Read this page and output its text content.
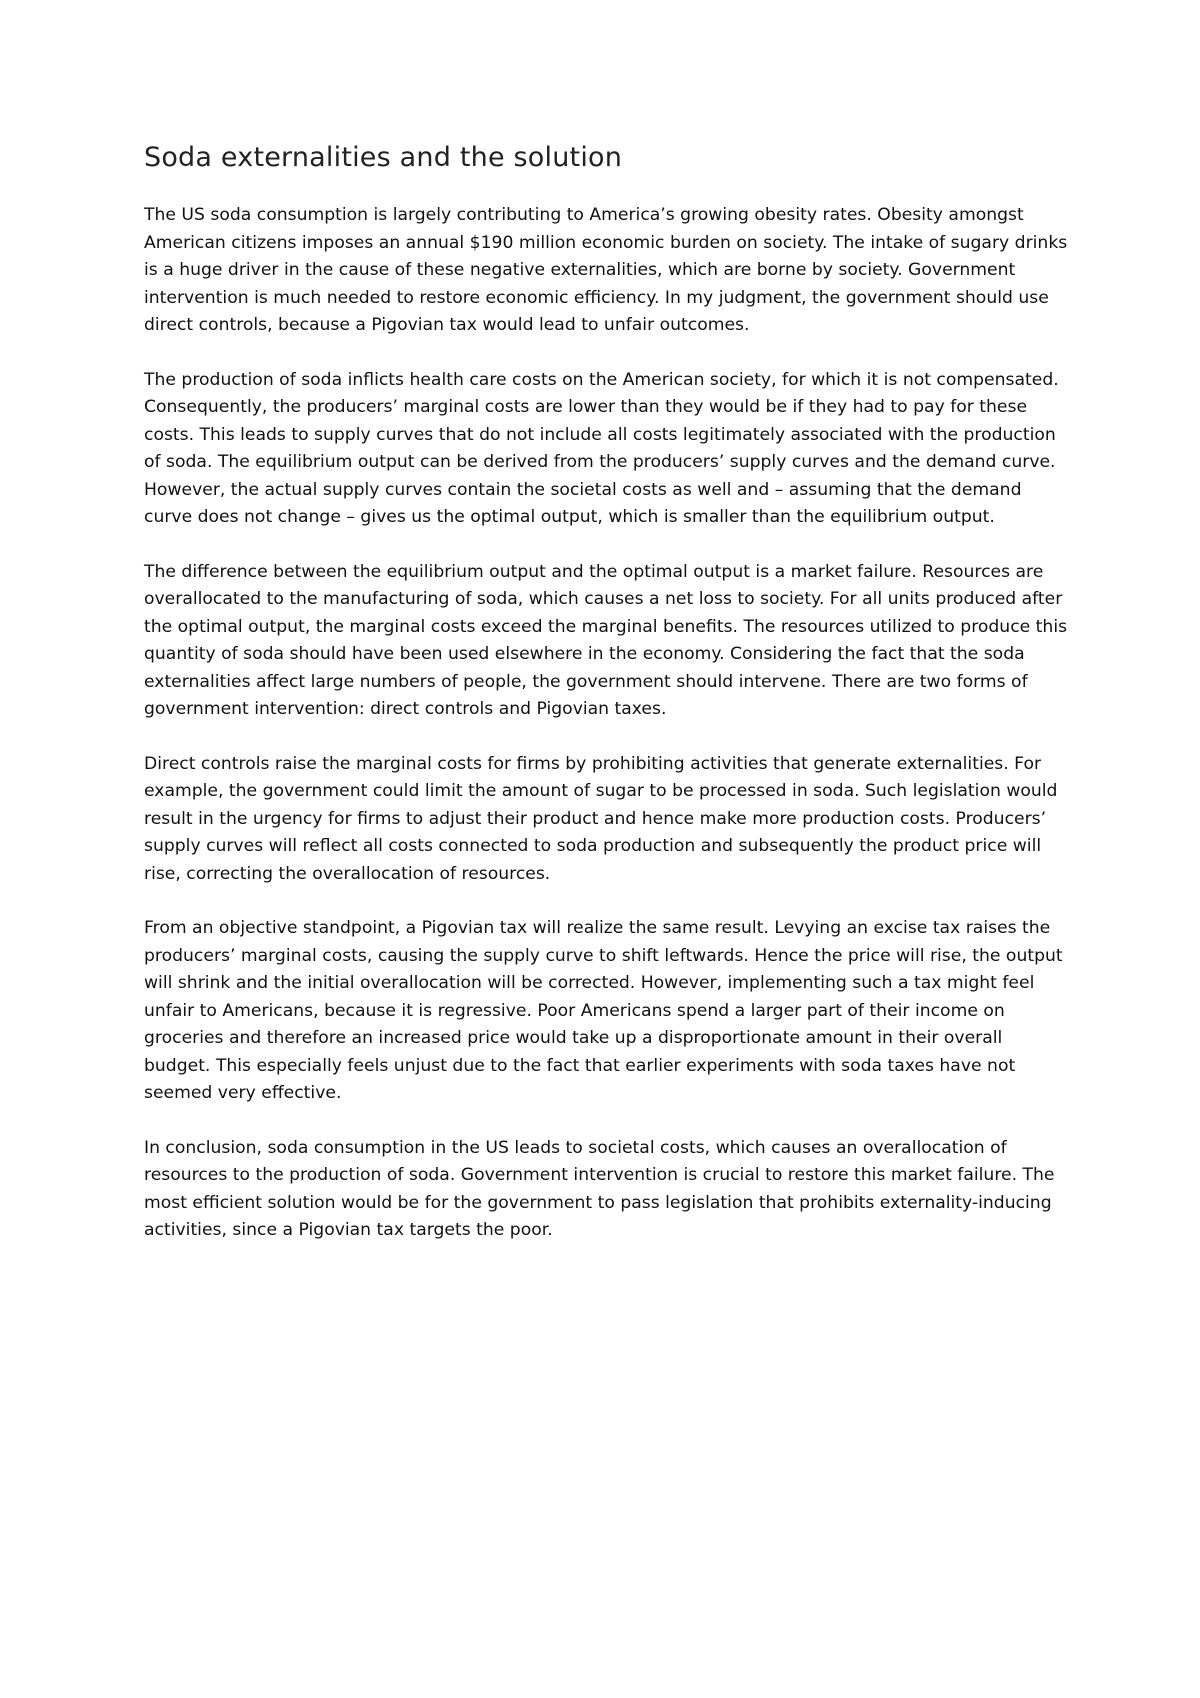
Soda externalities and the solution

The US soda consumption is largely contributing to America’s growing obesity rates. Obesity amongst American citizens imposes an annual $190 million economic burden on society. The intake of sugary drinks is a huge driver in the cause of these negative externalities, which are borne by society. Government intervention is much needed to restore economic efficiency. In my judgment, the government should use direct controls, because a Pigovian tax would lead to unfair outcomes.

The production of soda inflicts health care costs on the American society, for which it is not compensated. Consequently, the producers’ marginal costs are lower than they would be if they had to pay for these costs. This leads to supply curves that do not include all costs legitimately associated with the production of soda. The equilibrium output can be derived from the producers’ supply curves and the demand curve. However, the actual supply curves contain the societal costs as well and – assuming that the demand curve does not change – gives us the optimal output, which is smaller than the equilibrium output.

The difference between the equilibrium output and the optimal output is a market failure. Resources are overallocated to the manufacturing of soda, which causes a net loss to society. For all units produced after the optimal output, the marginal costs exceed the marginal benefits. The resources utilized to produce this quantity of soda should have been used elsewhere in the economy. Considering the fact that the soda externalities affect large numbers of people, the government should intervene. There are two forms of government intervention: direct controls and Pigovian taxes.

Direct controls raise the marginal costs for firms by prohibiting activities that generate externalities. For example, the government could limit the amount of sugar to be processed in soda. Such legislation would result in the urgency for firms to adjust their product and hence make more production costs. Producers’ supply curves will reflect all costs connected to soda production and subsequently the product price will rise, correcting the overallocation of resources.

From an objective standpoint, a Pigovian tax will realize the same result. Levying an excise tax raises the producers’ marginal costs, causing the supply curve to shift leftwards. Hence the price will rise, the output will shrink and the initial overallocation will be corrected. However, implementing such a tax might feel unfair to Americans, because it is regressive. Poor Americans spend a larger part of their income on groceries and therefore an increased price would take up a disproportionate amount in their overall budget. This especially feels unjust due to the fact that earlier experiments with soda taxes have not seemed very effective.

In conclusion, soda consumption in the US leads to societal costs, which causes an overallocation of resources to the production of soda. Government intervention is crucial to restore this market failure. The most efficient solution would be for the government to pass legislation that prohibits externality-inducing activities, since a Pigovian tax targets the poor.
